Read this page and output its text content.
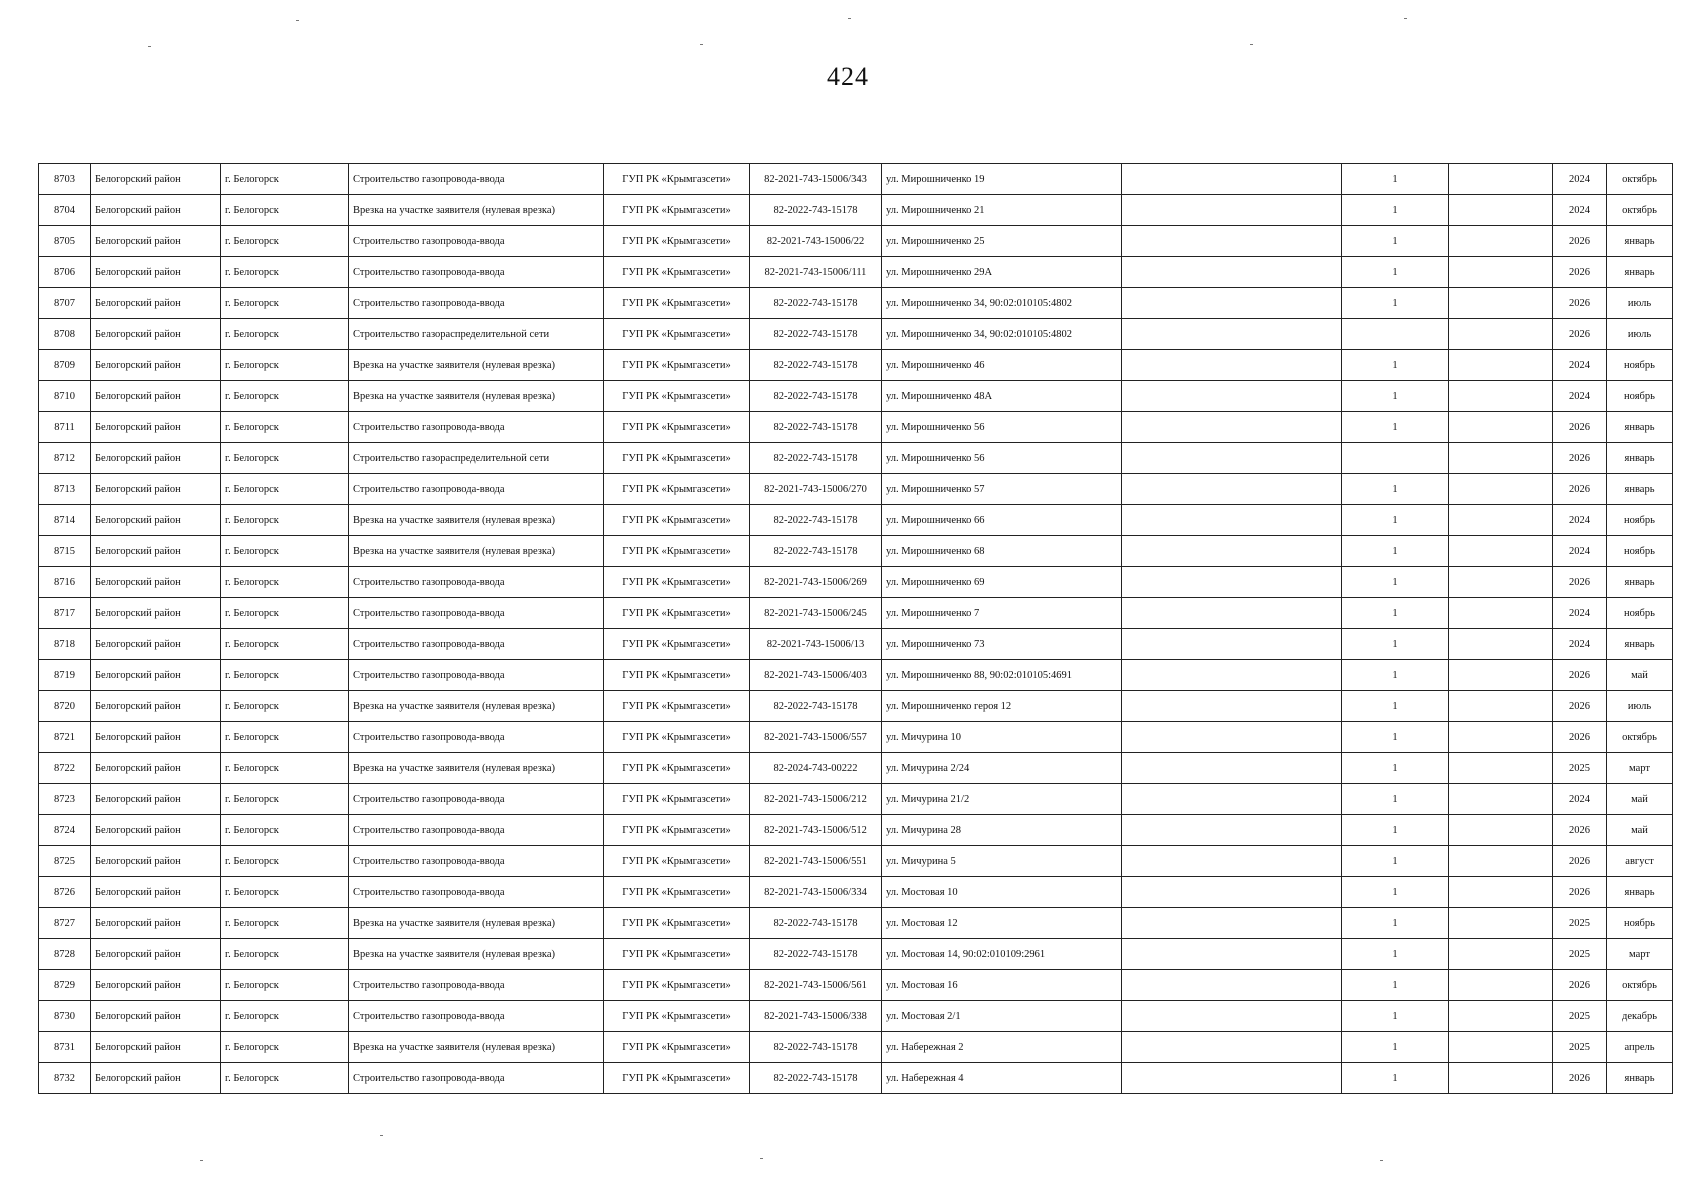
424
8703	Белогорский район	г. Белогорск	Строительство газопровода-ввода	ГУП РК «Крымгазсети»	82-2021-743-15006/343	ул. Мирошниченко 19		1		2024	октябрь
8704	Белогорский район	г. Белогорск	Врезка на участке заявителя (нулевая врезка)	ГУП РК «Крымгазсети»	82-2022-743-15178	ул. Мирошниченко 21		1		2024	октябрь
8705	Белогорский район	г. Белогорск	Строительство газопровода-ввода	ГУП РК «Крымгазсети»	82-2021-743-15006/22	ул. Мирошниченко 25		1		2026	январь
8706	Белогорский район	г. Белогорск	Строительство газопровода-ввода	ГУП РК «Крымгазсети»	82-2021-743-15006/111	ул. Мирошниченко 29А		1		2026	январь
8707	Белогорский район	г. Белогорск	Строительство газопровода-ввода	ГУП РК «Крымгазсети»	82-2022-743-15178	ул. Мирошниченко 34, 90:02:010105:4802		1		2026	июль
8708	Белогорский район	г. Белогорск	Строительство газораспределительной сети	ГУП РК «Крымгазсети»	82-2022-743-15178	ул. Мирошниченко 34, 90:02:010105:4802				2026	июль
8709	Белогорский район	г. Белогорск	Врезка на участке заявителя (нулевая врезка)	ГУП РК «Крымгазсети»	82-2022-743-15178	ул. Мирошниченко 46		1		2024	ноябрь
8710	Белогорский район	г. Белогорск	Врезка на участке заявителя (нулевая врезка)	ГУП РК «Крымгазсети»	82-2022-743-15178	ул. Мирошниченко 48А		1		2024	ноябрь
8711	Белогорский район	г. Белогорск	Строительство газопровода-ввода	ГУП РК «Крымгазсети»	82-2022-743-15178	ул. Мирошниченко 56		1		2026	январь
8712	Белогорский район	г. Белогорск	Строительство газораспределительной сети	ГУП РК «Крымгазсети»	82-2022-743-15178	ул. Мирошниченко 56				2026	январь
8713	Белогорский район	г. Белогорск	Строительство газопровода-ввода	ГУП РК «Крымгазсети»	82-2021-743-15006/270	ул. Мирошниченко 57		1		2026	январь
8714	Белогорский район	г. Белогорск	Врезка на участке заявителя (нулевая врезка)	ГУП РК «Крымгазсети»	82-2022-743-15178	ул. Мирошниченко 66		1		2024	ноябрь
8715	Белогорский район	г. Белогорск	Врезка на участке заявителя (нулевая врезка)	ГУП РК «Крымгазсети»	82-2022-743-15178	ул. Мирошниченко 68		1		2024	ноябрь
8716	Белогорский район	г. Белогорск	Строительство газопровода-ввода	ГУП РК «Крымгазсети»	82-2021-743-15006/269	ул. Мирошниченко 69		1		2026	январь
8717	Белогорский район	г. Белогорск	Строительство газопровода-ввода	ГУП РК «Крымгазсети»	82-2021-743-15006/245	ул. Мирошниченко 7		1		2024	ноябрь
8718	Белогорский район	г. Белогорск	Строительство газопровода-ввода	ГУП РК «Крымгазсети»	82-2021-743-15006/13	ул. Мирошниченко 73		1		2024	январь
8719	Белогорский район	г. Белогорск	Строительство газопровода-ввода	ГУП РК «Крымгазсети»	82-2021-743-15006/403	ул. Мирошниченко 88, 90:02:010105:4691		1		2026	май
8720	Белогорский район	г. Белогорск	Врезка на участке заявителя (нулевая врезка)	ГУП РК «Крымгазсети»	82-2022-743-15178	ул. Мирошниченко героя 12		1		2026	июль
8721	Белогорский район	г. Белогорск	Строительство газопровода-ввода	ГУП РК «Крымгазсети»	82-2021-743-15006/557	ул. Мичурина 10		1		2026	октябрь
8722	Белогорский район	г. Белогорск	Врезка на участке заявителя (нулевая врезка)	ГУП РК «Крымгазсети»	82-2024-743-00222	ул. Мичурина 2/24		1		2025	март
8723	Белогорский район	г. Белогорск	Строительство газопровода-ввода	ГУП РК «Крымгазсети»	82-2021-743-15006/212	ул. Мичурина 21/2		1		2024	май
8724	Белогорский район	г. Белогорск	Строительство газопровода-ввода	ГУП РК «Крымгазсети»	82-2021-743-15006/512	ул. Мичурина 28		1		2026	май
8725	Белогорский район	г. Белогорск	Строительство газопровода-ввода	ГУП РК «Крымгазсети»	82-2021-743-15006/551	ул. Мичурина 5		1		2026	август
8726	Белогорский район	г. Белогорск	Строительство газопровода-ввода	ГУП РК «Крымгазсети»	82-2021-743-15006/334	ул. Мостовая 10		1		2026	январь
8727	Белогорский район	г. Белогорск	Врезка на участке заявителя (нулевая врезка)	ГУП РК «Крымгазсети»	82-2022-743-15178	ул. Мостовая 12		1		2025	ноябрь
8728	Белогорский район	г. Белогорск	Врезка на участке заявителя (нулевая врезка)	ГУП РК «Крымгазсети»	82-2022-743-15178	ул. Мостовая 14, 90:02:010109:2961		1		2025	март
8729	Белогорский район	г. Белогорск	Строительство газопровода-ввода	ГУП РК «Крымгазсети»	82-2021-743-15006/561	ул. Мостовая 16		1		2026	октябрь
8730	Белогорский район	г. Белогорск	Строительство газопровода-ввода	ГУП РК «Крымгазсети»	82-2021-743-15006/338	ул. Мостовая 2/1		1		2025	декабрь
8731	Белогорский район	г. Белогорск	Врезка на участке заявителя (нулевая врезка)	ГУП РК «Крымгазсети»	82-2022-743-15178	ул. Набережная 2		1		2025	апрель
8732	Белогорский район	г. Белогорск	Строительство газопровода-ввода	ГУП РК «Крымгазсети»	82-2022-743-15178	ул. Набережная 4		1		2026	январь
